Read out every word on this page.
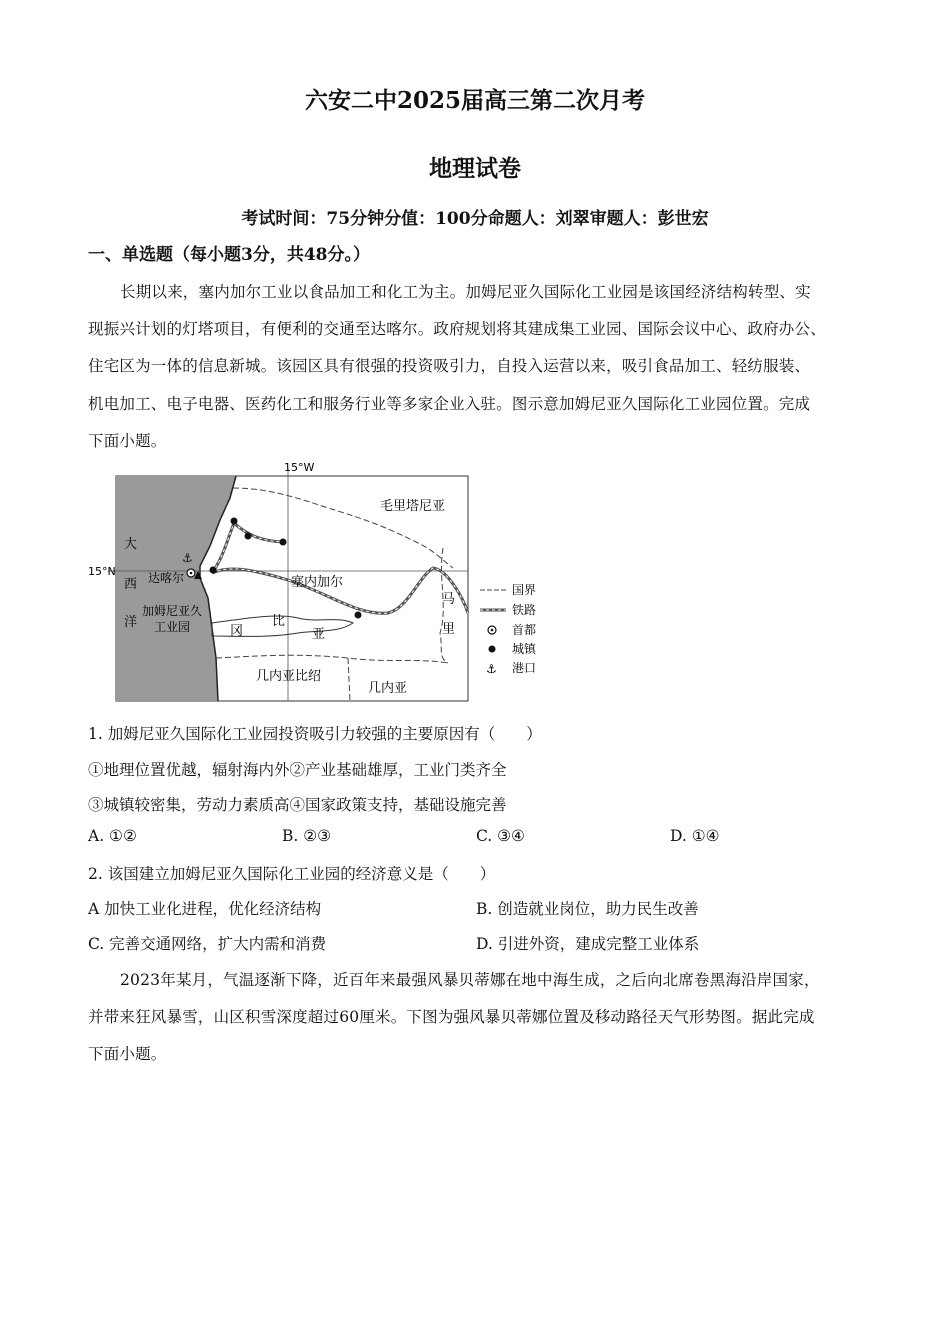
六安二中2025届高三第二次月考
地理试卷
考试时间：75分钟分值：100分命题人：刘翠审题人：彭世宏
一、单选题（每小题3分，共48分。）
长期以来，塞内加尔工业以食品加工和化工为主。加姆尼亚久国际化工业园是该国经济结构转型、实
现振兴计划的灯塔项目，有便利的交通至达喀尔。政府规划将其建成集工业园、国际会议中心、政府办公、
住宅区为一体的信息新城。该园区具有很强的投资吸引力，自投入运营以来，吸引食品加工、轻纺服装、
机电加工、电子电器、医药化工和服务行业等多家企业入驻。图示意加姆尼亚久国际化工业园位置。完成
下面小题。
⚓
15°W
15°N
毛里塔尼亚
塞内加尔
大
西
洋
达喀尔
加姆尼亚久
工业园	冈
比
亚
马
里
几内亚比绍
几内亚
国界
铁路
首都
城镇
⚓ 港口
1. 加姆尼亚久国际化工业园投资吸引力较强的主要原因有（　　）
①地理位置优越，辐射海内外②产业基础雄厚，工业门类齐全
③城镇较密集，劳动力素质高④国家政策支持，基础设施完善
A. ①②	B. ②③	C. ③④	D. ①④
2. 该国建立加姆尼亚久国际化工业园的经济意义是（　　）
A 加快工业化进程，优化经济结构	B. 创造就业岗位，助力民生改善
C. 完善交通网络，扩大内需和消费	D. 引进外资，建成完整工业体系
2023年某月，气温逐渐下降，近百年来最强风暴贝蒂娜在地中海生成，之后向北席卷黑海沿岸国家，
并带来狂风暴雪，山区积雪深度超过60厘米。下图为强风暴贝蒂娜位置及移动路径天气形势图。据此完成
下面小题。
